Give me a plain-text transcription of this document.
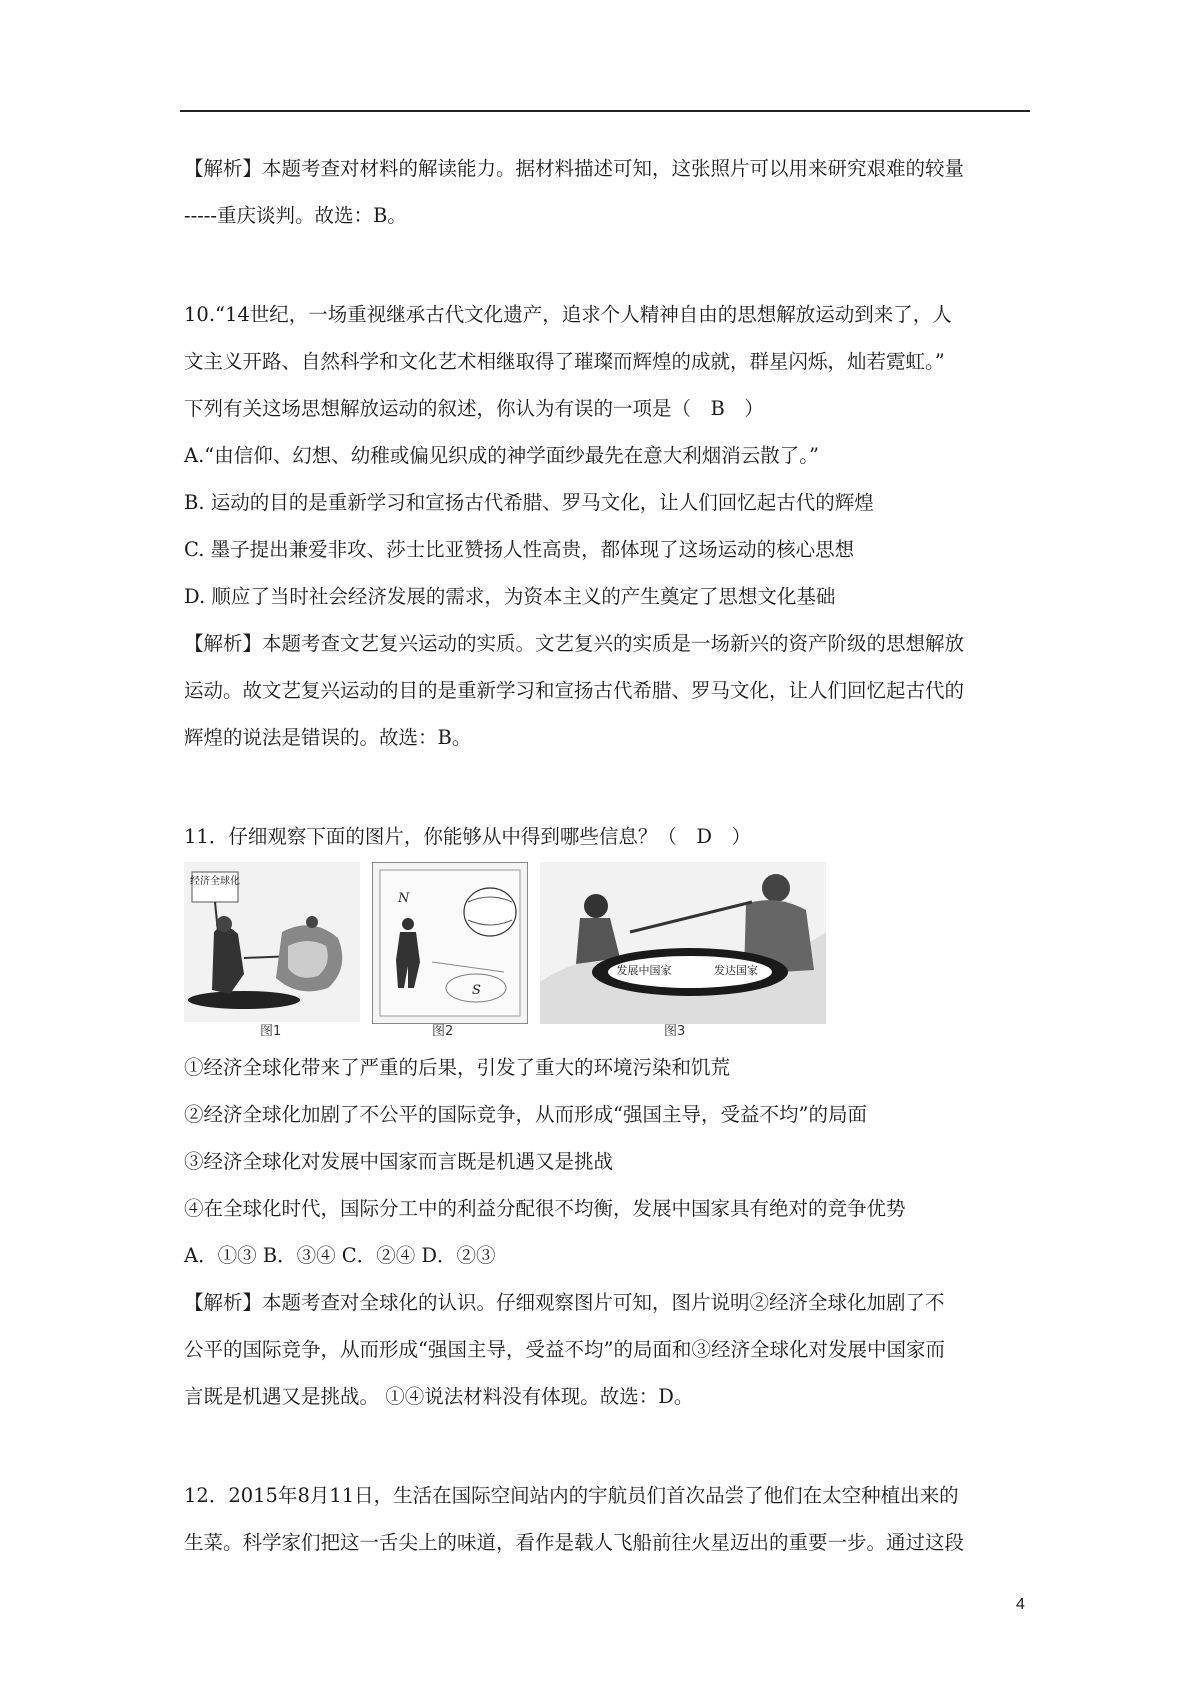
【解析】本题考查对材料的解读能力。据材料描述可知，这张照片可以用来研究艰难的较量
-----重庆谈判。故选：B。
10.“14世纪，一场重视继承古代文化遗产，追求个人精神自由的思想解放运动到来了，人
文主义开路、自然科学和文化艺术相继取得了璀璨而辉煌的成就，群星闪烁，灿若霓虹。”
下列有关这场思想解放运动的叙述，你认为有误的一项是（　B　）
A.“由信仰、幻想、幼稚或偏见织成的神学面纱最先在意大利烟消云散了。”
B. 运动的目的是重新学习和宣扬古代希腊、罗马文化，让人们回忆起古代的辉煌
C. 墨子提出兼爱非攻、莎士比亚赞扬人性高贵，都体现了这场运动的核心思想
D. 顺应了当时社会经济发展的需求，为资本主义的产生奠定了思想文化基础
【解析】本题考查文艺复兴运动的实质。文艺复兴的实质是一场新兴的资产阶级的思想解放
运动。故文艺复兴运动的目的是重新学习和宣扬古代希腊、罗马文化，让人们回忆起古代的
辉煌的说法是错误的。故选：B。
11．仔细观察下面的图片，你能够从中得到哪些信息？（　D　）
经济全球化
图1
N
S
图2
发展中国家	发达国家
图3
①经济全球化带来了严重的后果，引发了重大的环境污染和饥荒
②经济全球化加剧了不公平的国际竞争，从而形成“强国主导，受益不均”的局面
③经济全球化对发展中国家而言既是机遇又是挑战
④在全球化时代，国际分工中的利益分配很不均衡，发展中国家具有绝对的竞争优势
A．①③ B．③④ C．②④ D．②③
【解析】本题考查对全球化的认识。仔细观察图片可知，图片说明②经济全球化加剧了不
公平的国际竞争，从而形成“强国主导，受益不均”的局面和③经济全球化对发展中国家而
言既是机遇又是挑战。 ①④说法材料没有体现。故选：D。
12．2015年8月11日，生活在国际空间站内的宇航员们首次品尝了他们在太空种植出来的
生菜。科学家们把这一舌尖上的味道，看作是载人飞船前往火星迈出的重要一步。通过这段
4
